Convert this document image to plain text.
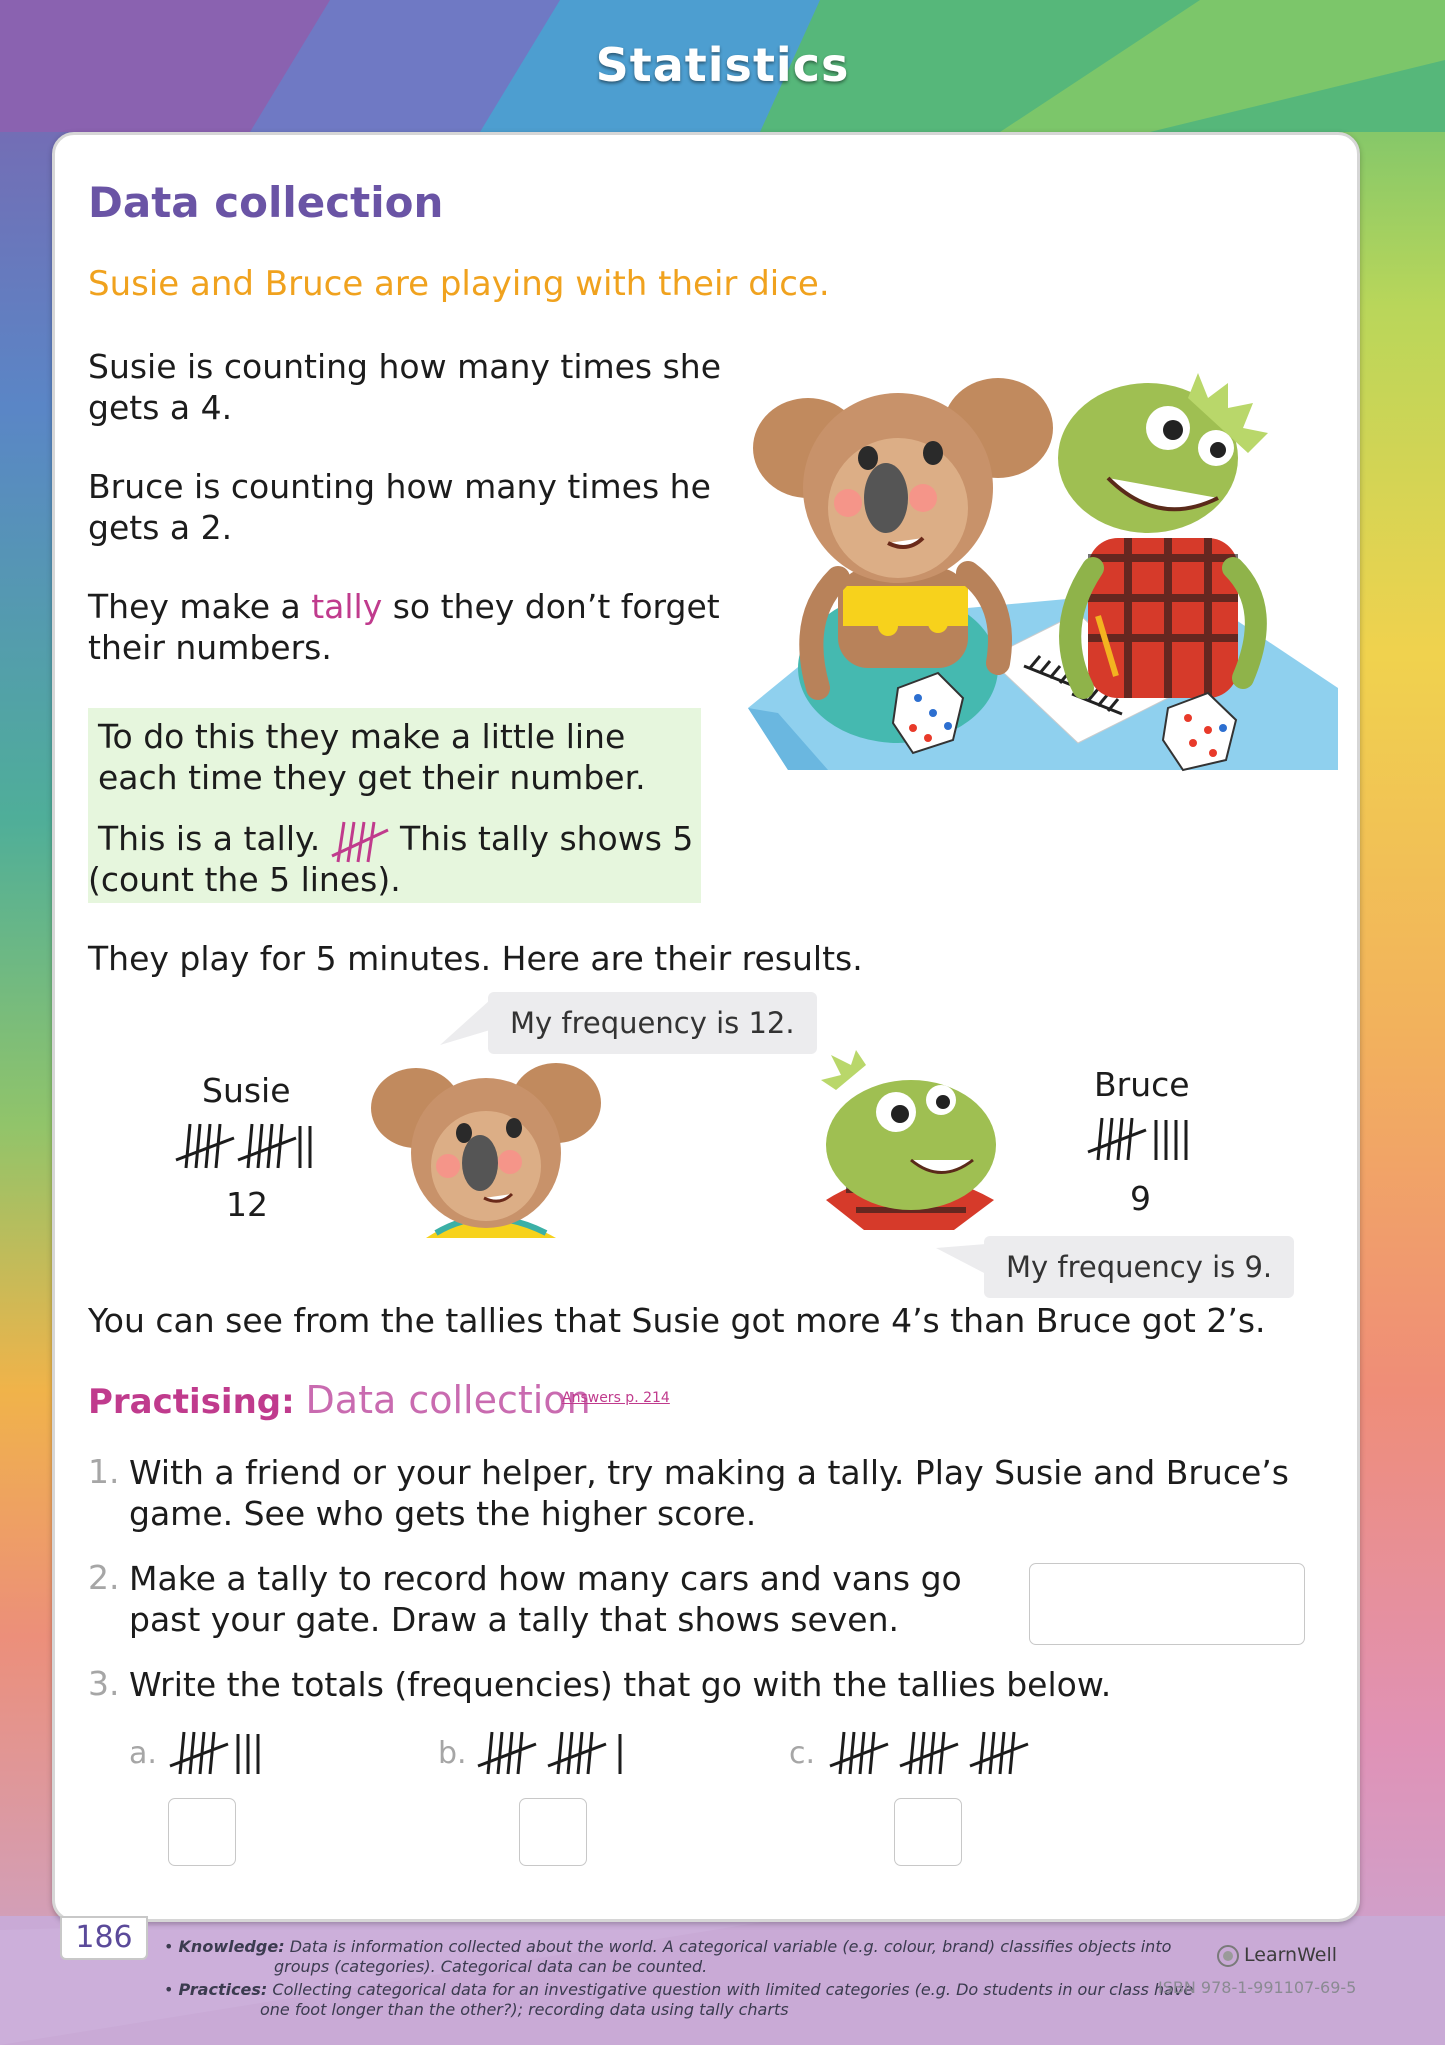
Statistics
Data collection
Susie and Bruce are playing with their dice.
Susie is counting how many times she
gets a 4.
Bruce is counting how many times he
gets a 2.
They make a tally so they don’t forget
their numbers.
To do this they make a little line
each time they get their number.
This is a tally. This tally shows 5
(count the 5 lines).
They play for 5 minutes. Here are their results.
My frequency is 12.
Susie
12
Bruce
9
My frequency is 9.
You can see from the tallies that Susie got more 4’s than Bruce got 2’s.
Practising: Data collection
Answers p. 214
1. With a friend or your helper, try making a tally. Play Susie and Bruce’s
game. See who gets the higher score.
2. Make a tally to record how many cars and vans go
past your gate. Draw a tally that shows seven.
3. Write the totals (frequencies) that go with the tallies below.
a.	b.	c.
186	• Knowledge: Data is information collected about the world. A categorical variable (e.g. colour, brand) classifies objects into
groups (categories). Categorical data can be counted.
• Practices: Collecting categorical data for an investigative question with limited categories (e.g. Do students in our class have
one foot longer than the other?); recording data using tally charts
LearnWell
ISBN 978-1-991107-69-5
